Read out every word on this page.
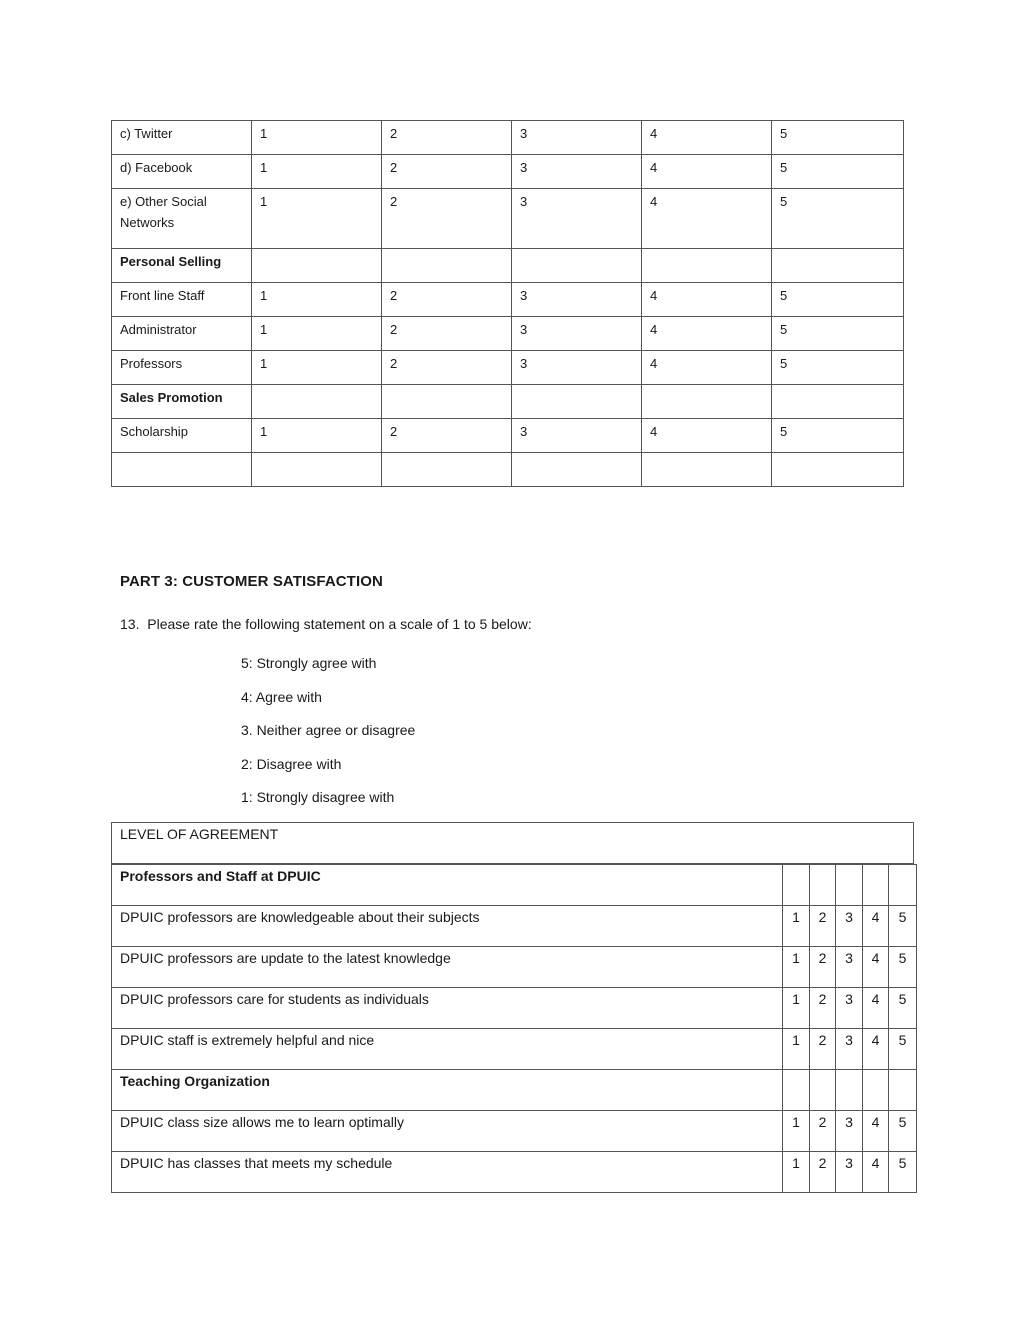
c) Twitter	1	2	3	4	5
d) Facebook	1	2	3	4	5
e) Other Social Networks	1	2	3	4	5
Personal Selling					
Front line Staff	1	2	3	4	5
Administrator	1	2	3	4	5
Professors	1	2	3	4	5
Sales Promotion					
Scholarship	1	2	3	4	5

PART 3: CUSTOMER SATISFACTION
13. Please rate the following statement on a scale of 1 to 5 below:
5: Strongly agree with
4: Agree with
3. Neither agree or disagree
2: Disagree with
1: Strongly disagree with
LEVEL OF AGREEMENT
Professors and Staff at DPUIC					
DPUIC professors are knowledgeable about their subjects	1	2	3	4	5
DPUIC professors are update to the latest knowledge	1	2	3	4	5
DPUIC professors care for students as individuals	1	2	3	4	5
DPUIC staff is extremely helpful and nice	1	2	3	4	5
Teaching Organization					
DPUIC class size allows me to learn optimally	1	2	3	4	5
DPUIC has classes that meets my schedule	1	2	3	4	5
